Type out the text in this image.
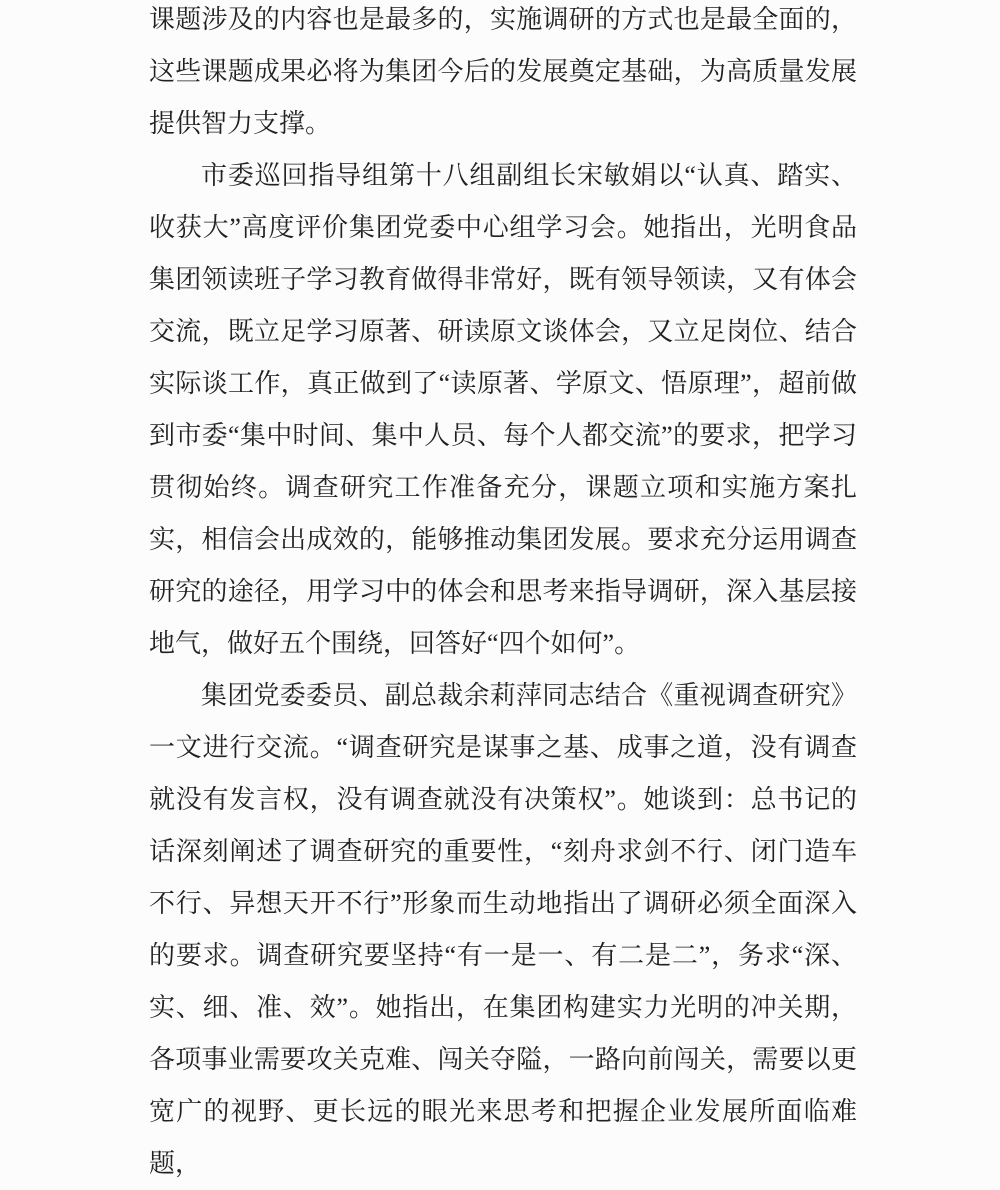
课题涉及的内容也是最多的，实施调研的方式也是最全面的，这些课题成果必将为集团今后的发展奠定基础，为高质量发展提供智力支撑。

市委巡回指导组第十八组副组长宋敏娟以“认真、踏实、收获大”高度评价集团党委中心组学习会。她指出，光明食品集团领读班子学习教育做得非常好，既有领导领读，又有体会交流，既立足学习原著、研读原文谈体会，又立足岗位、结合实际谈工作，真正做到了“读原著、学原文、悟原理”，超前做到市委“集中时间、集中人员、每个人都交流”的要求，把学习贯彻始终。调查研究工作准备充分，课题立项和实施方案扎实，相信会出成效的，能够推动集团发展。要求充分运用调查研究的途径，用学习中的体会和思考来指导调研，深入基层接地气，做好五个围绕，回答好“四个如何”。

集团党委委员、副总裁余莉萍同志结合《重视调查研究》一文进行交流。“调查研究是谋事之基、成事之道，没有调查就没有发言权，没有调查就没有决策权”。她谈到：总书记的话深刻阐述了调查研究的重要性，“刻舟求剑不行、闭门造车不行、异想天开不行”形象而生动地指出了调研必须全面深入的要求。调查研究要坚持“有一是一、有二是二”，务求“深、实、细、准、效”。她指出，在集团构建实力光明的冲关期，各项事业需要攻关克难、闯关夺隘，一路向前闯关，需要以更宽广的视野、更长远的眼光来思考和把握企业发展所面临难题，
